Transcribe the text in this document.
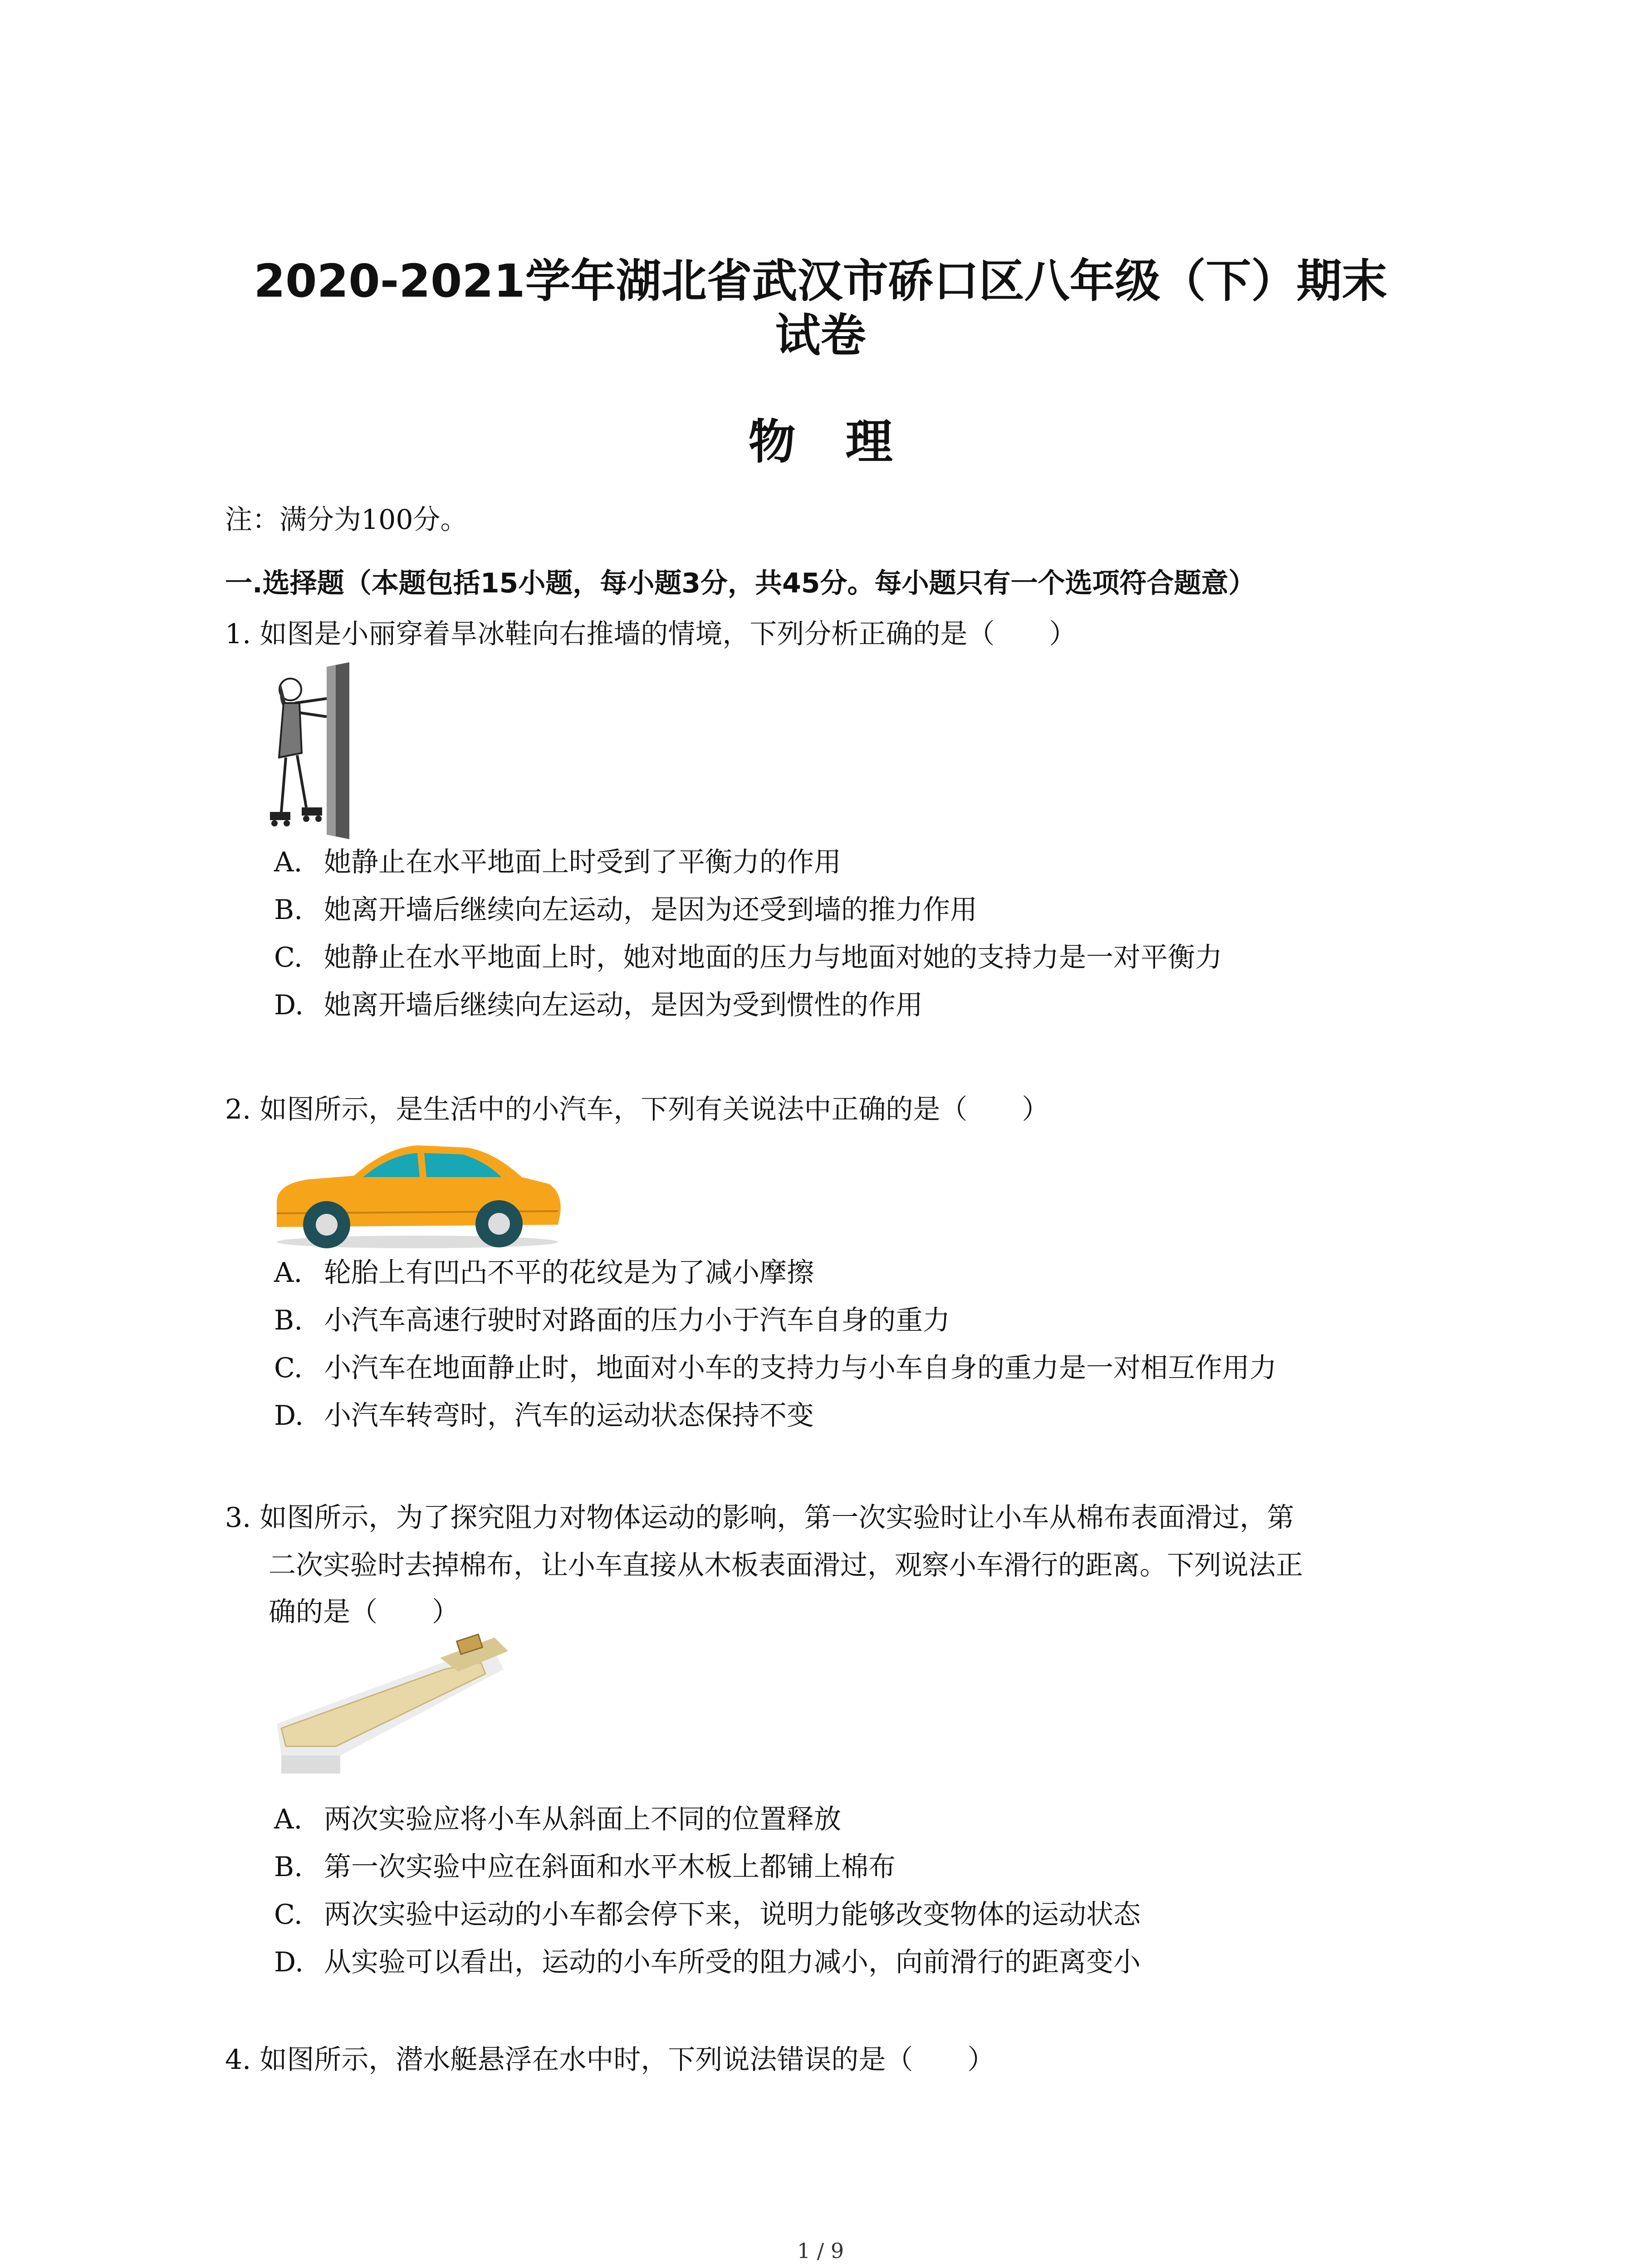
2020-2021学年湖北省武汉市硚口区八年级（下）期末
试卷
物理
注：满分为100分。
一.选择题（本题包括15小题，每小题3分，共45分。每小题只有一个选项符合题意）
1. 如图是小丽穿着旱冰鞋向右推墙的情境，下列分析正确的是（　　）
A. 她静止在水平地面上时受到了平衡力的作用
B. 她离开墙后继续向左运动，是因为还受到墙的推力作用
C. 她静止在水平地面上时，她对地面的压力与地面对她的支持力是一对平衡力
D. 她离开墙后继续向左运动，是因为受到惯性的作用
2. 如图所示，是生活中的小汽车，下列有关说法中正确的是（　　）
A. 轮胎上有凹凸不平的花纹是为了减小摩擦
B. 小汽车高速行驶时对路面的压力小于汽车自身的重力
C. 小汽车在地面静止时，地面对小车的支持力与小车自身的重力是一对相互作用力
D. 小汽车转弯时，汽车的运动状态保持不变
3. 如图所示，为了探究阻力对物体运动的影响，第一次实验时让小车从棉布表面滑过，第
二次实验时去掉棉布，让小车直接从木板表面滑过，观察小车滑行的距离。下列说法正
确的是（　　）
A. 两次实验应将小车从斜面上不同的位置释放
B. 第一次实验中应在斜面和水平木板上都铺上棉布
C. 两次实验中运动的小车都会停下来，说明力能够改变物体的运动状态
D. 从实验可以看出，运动的小车所受的阻力减小，向前滑行的距离变小
4. 如图所示，潜水艇悬浮在水中时，下列说法错误的是（　　）
1 / 9
